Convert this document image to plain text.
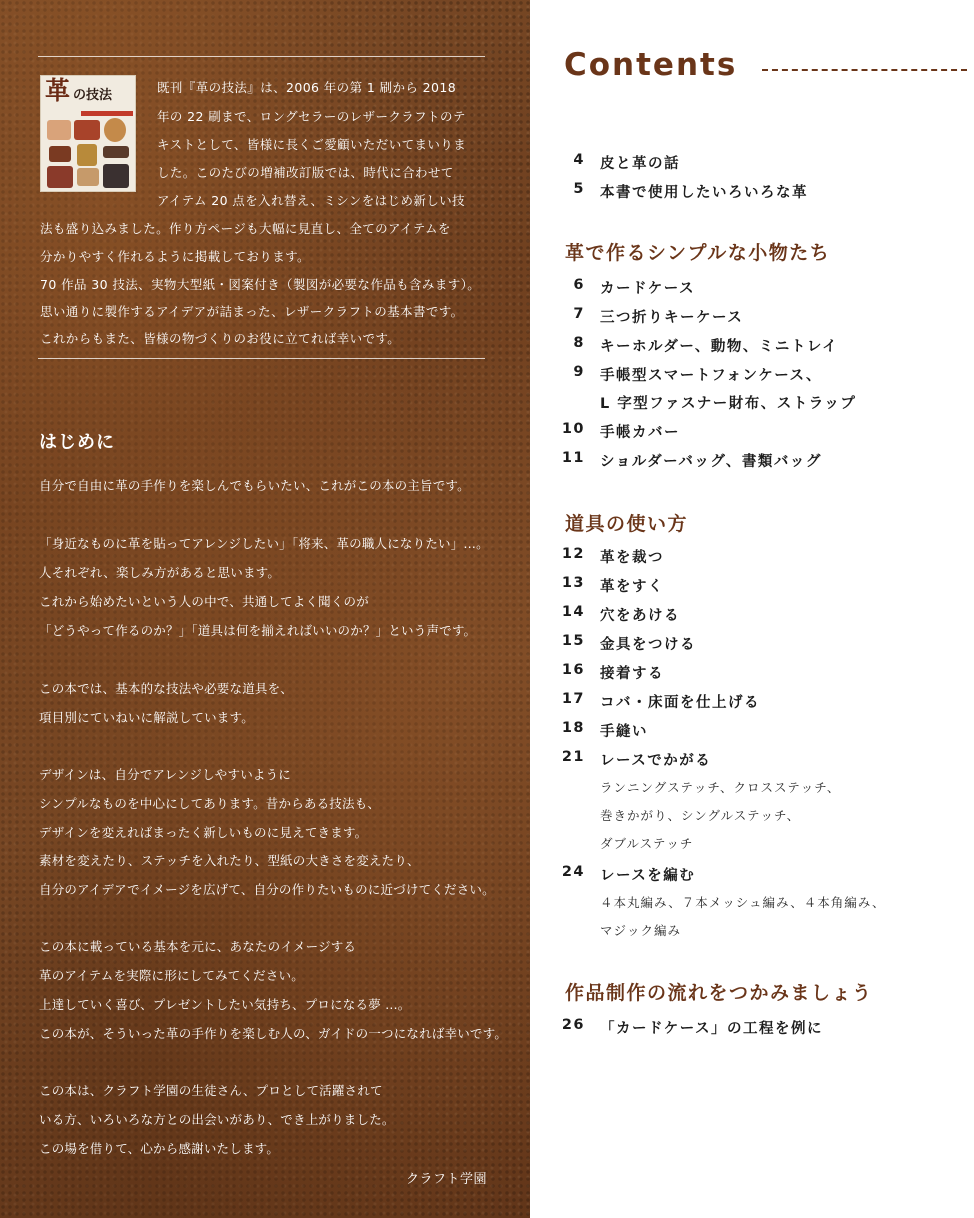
革 の技法
既刊『革の技法』は、2006 年の第 1 刷から 2018
年の 22 刷まで、ロングセラーのレザークラフトのテ
キストとして、皆様に長くご愛顧いただいてまいりま
した。このたびの増補改訂版では、時代に合わせて
アイテム 20 点を入れ替え、ミシンをはじめ新しい技
法も盛り込みました。作り方ページも大幅に見直し、全てのアイテムを
分かりやすく作れるように掲載しております。
70 作品 30 技法、実物大型紙・図案付き（製図が必要な作品も含みます）。
思い通りに製作するアイデアが詰まった、レザークラフトの基本書です。
これからもまた、皆様の物づくりのお役に立てれば幸いです。
はじめに
自分で自由に革の手作りを楽しんでもらいたい、これがこの本の主旨です。
「身近なものに革を貼ってアレンジしたい」「将来、革の職人になりたい」…。
人それぞれ、楽しみ方があると思います。
これから始めたいという人の中で、共通してよく聞くのが
「どうやって作るのか？」「道具は何を揃えればいいのか？」という声です。
この本では、基本的な技法や必要な道具を、
項目別にていねいに解説しています。
デザインは、自分でアレンジしやすいように
シンプルなものを中心にしてあります。昔からある技法も、
デザインを変えればまったく新しいものに見えてきます。
素材を変えたり、ステッチを入れたり、型紙の大きさを変えたり、
自分のアイデアでイメージを広げて、自分の作りたいものに近づけてください。
この本に載っている基本を元に、あなたのイメージする
革のアイテムを実際に形にしてみてください。
上達していく喜び、プレゼントしたい気持ち、プロになる夢 …。
この本が、そういった革の手作りを楽しむ人の、ガイドの一つになれば幸いです。
この本は、クラフト学園の生徒さん、プロとして活躍されて
いる方、いろいろな方との出会いがあり、でき上がりました。
この場を借りて、心から感謝いたします。
クラフト学園
Contents
4 皮と革の話
5 本書で使用したいろいろな革
革で作るシンプルな小物たち
6 カードケース
7 三つ折りキーケース
8 キーホルダー、動物、ミニトレイ
9 手帳型スマートフォンケース、
L 字型ファスナー財布、ストラップ
10 手帳カバー
11 ショルダーバッグ、書類バッグ
道具の使い方
12 革を裁つ
13 革をすく
14 穴をあける
15 金具をつける
16 接着する
17 コバ・床面を仕上げる
18 手縫い
21 レースでかがる
ランニングステッチ、クロスステッチ、
巻きかがり、シングルステッチ、
ダブルステッチ
24 レースを編む
４本丸編み、７本メッシュ編み、４本角編み、
マジック編み
作品制作の流れをつかみましょう
26 「カードケース」の工程を例に
